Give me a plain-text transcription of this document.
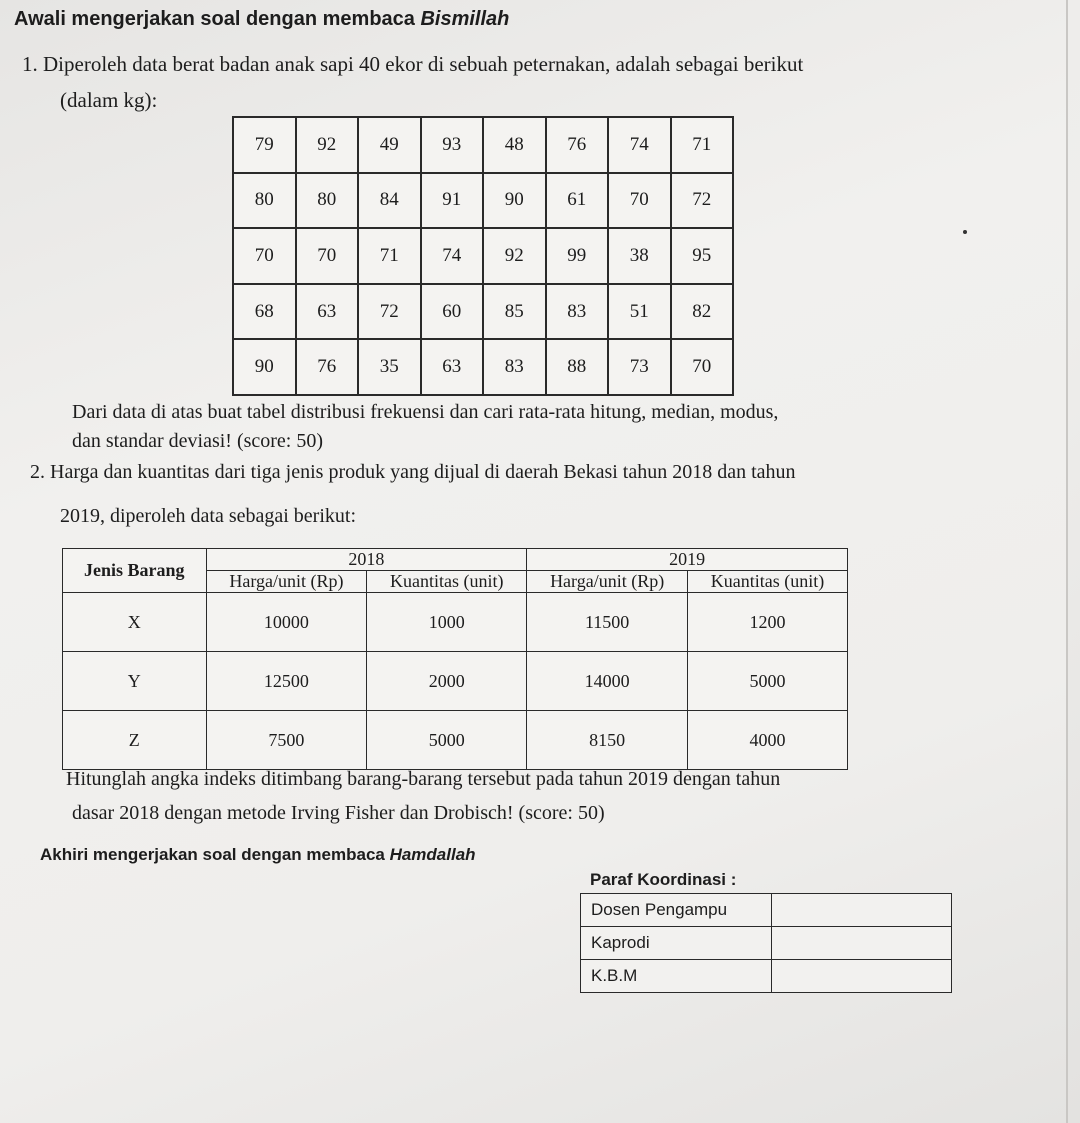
Awali mengerjakan soal dengan membaca Bismillah
1. Diperoleh data berat badan anak sapi 40 ekor di sebuah peternakan, adalah sebagai berikut
(dalam kg):
79	92	49	93	48	76	74	71
80	80	84	91	90	61	70	72
70	70	71	74	92	99	38	95
68	63	72	60	85	83	51	82
90	76	35	63	83	88	73	70
Dari data di atas buat tabel distribusi frekuensi dan cari rata-rata hitung, median, modus,
dan standar deviasi! (score: 50)
2. Harga dan kuantitas dari tiga jenis produk yang dijual di daerah Bekasi tahun 2018 dan tahun
2019, diperoleh data sebagai berikut:
Jenis Barang	2018		2019	
	Harga/unit (Rp)	Kuantitas (unit)	Harga/unit (Rp)	Kuantitas (unit)
X	10000	1000	11500	1200
Y	12500	2000	14000	5000
Z	7500	5000	8150	4000
Hitunglah angka indeks ditimbang barang-barang tersebut pada tahun 2019 dengan tahun
dasar 2018 dengan metode Irving Fisher dan Drobisch! (score: 50)
Akhiri mengerjakan soal dengan membaca Hamdallah
Paraf Koordinasi :
Dosen Pengampu	
Kaprodi	
K.B.M	
